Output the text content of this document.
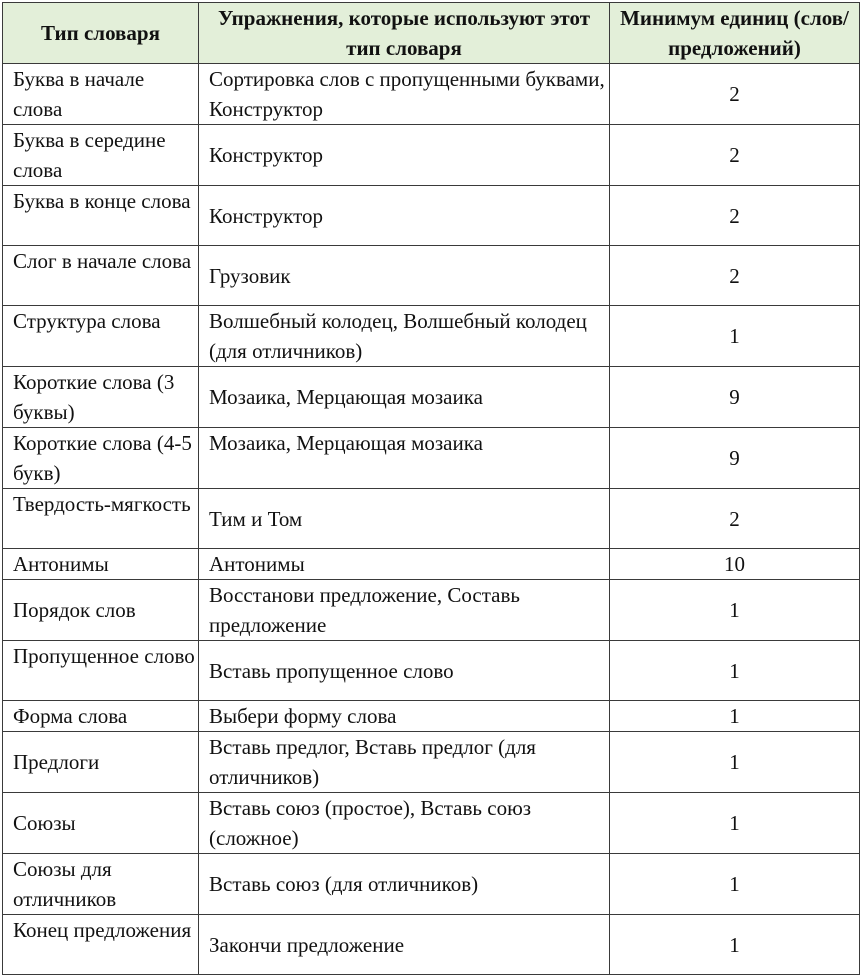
Тип словаря	Упражнения, которые используют этот тип словаря	Минимум единиц (слов/предложений)
Буква в начале слова	Сортировка слов с пропущенными буквами, Конструктор	2
Буква в середине слова	Конструктор	2
Буква в конце слова	Конструктор	2
Слог в начале слова	Грузовик	2
Структура слова	Волшебный колодец, Волшебный колодец (для отличников)	1
Короткие слова (3 буквы)	Мозаика, Мерцающая мозаика	9
Короткие слова (4-5 букв)	Мозаика, Мерцающая мозаика	9
Твердость-мягкость	Тим и Том	2
Антонимы	Антонимы	10
Порядок слов	Восстанови предложение, Составь предложение	1
Пропущенное слово	Вставь пропущенное слово	1
Форма слова	Выбери форму слова	1
Предлоги	Вставь предлог, Вставь предлог (для отличников)	1
Союзы	Вставь союз (простое), Вставь союз (сложное)	1
Союзы для отличников	Вставь союз (для отличников)	1
Конец предложения	Закончи предложение	1
